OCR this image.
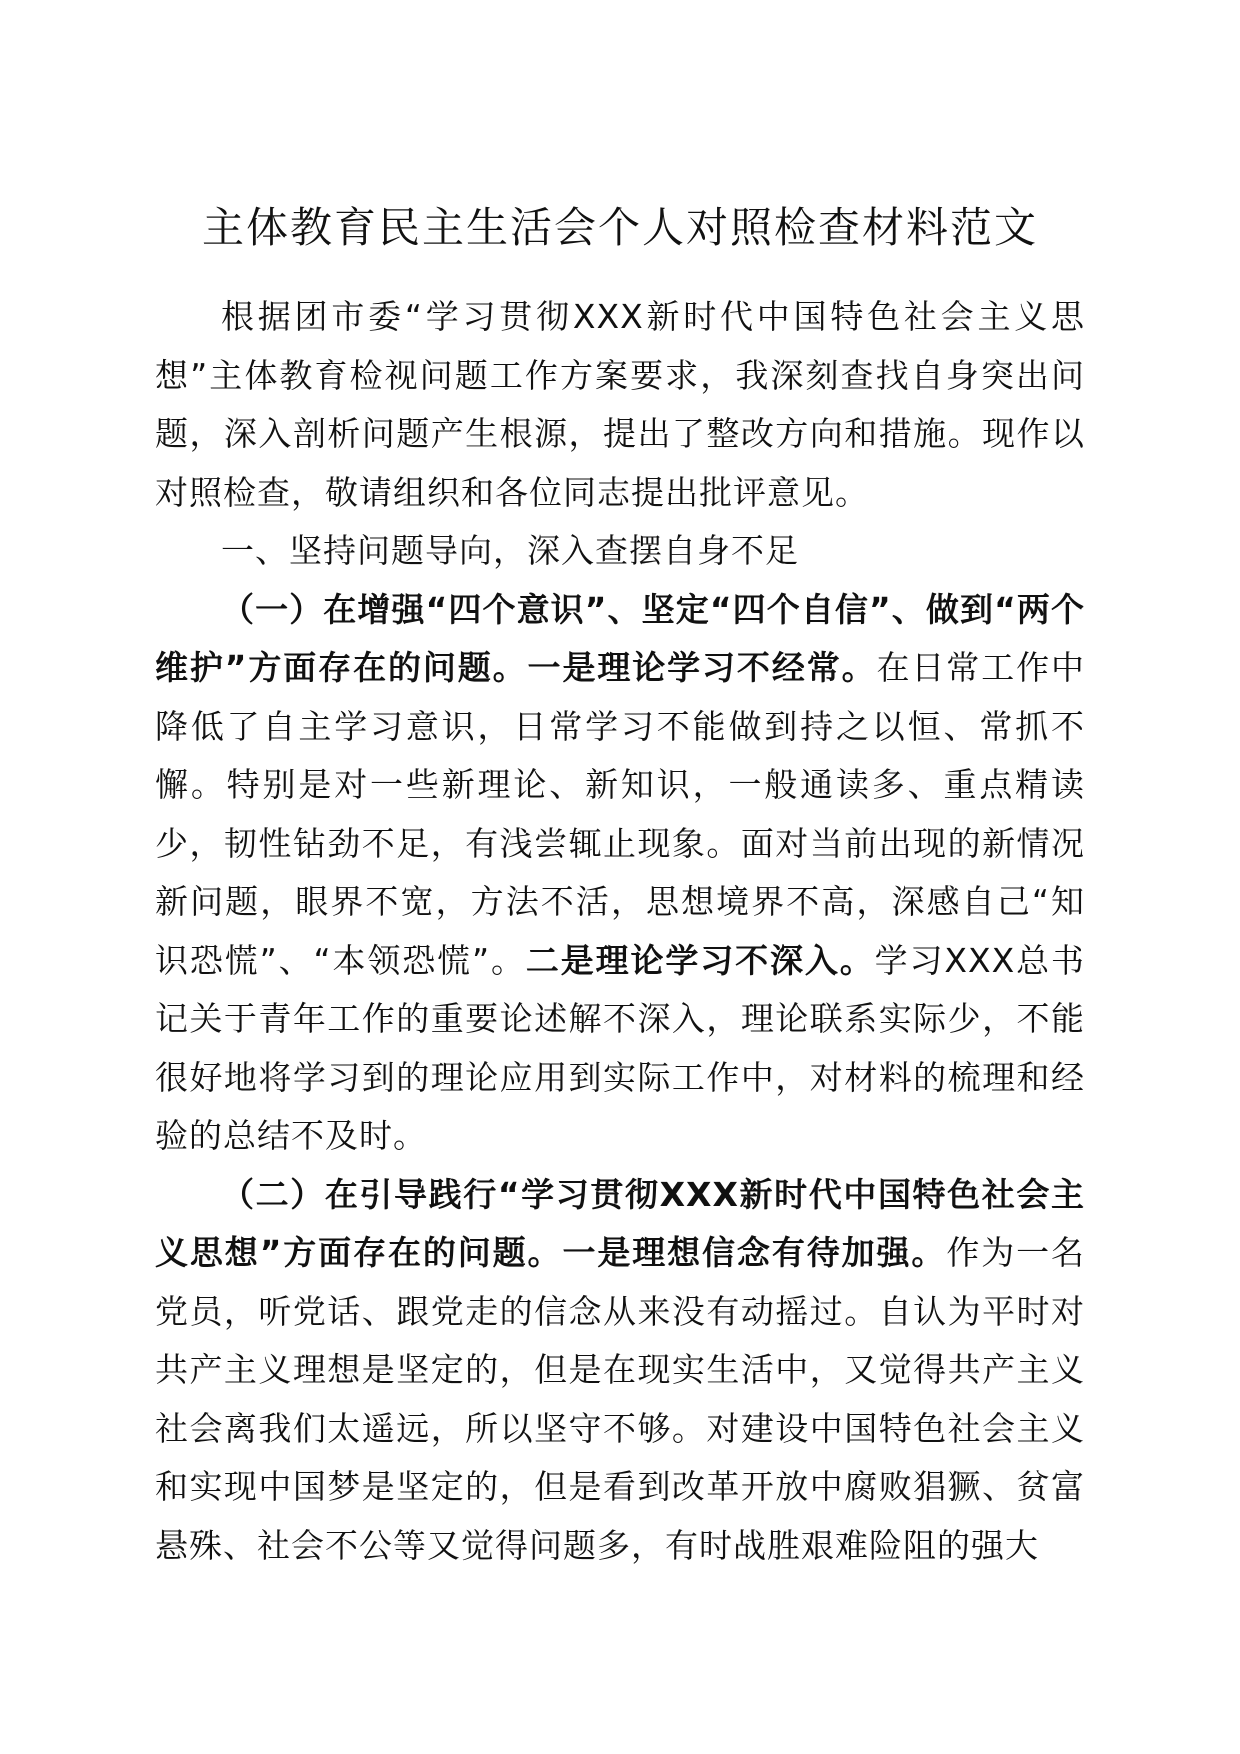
主体教育民主生活会个人对照检查材料范文

根据团市委“学习贯彻XXX新时代中国特色社会主义思想”主体教育检视问题工作方案要求，我深刻查找自身突出问题，深入剖析问题产生根源，提出了整改方向和措施。现作以对照检查，敬请组织和各位同志提出批评意见。

一、坚持问题导向，深入查摆自身不足

（一）在增强“四个意识”、坚定“四个自信”、做到“两个维护”方面存在的问题。一是理论学习不经常。在日常工作中降低了自主学习意识，日常学习不能做到持之以恒、常抓不懈。特别是对一些新理论、新知识，一般通读多、重点精读少，韧性钻劲不足，有浅尝辄止现象。面对当前出现的新情况新问题，眼界不宽，方法不活，思想境界不高，深感自己“知识恐慌”、“本领恐慌”。二是理论学习不深入。学习XXX总书记关于青年工作的重要论述解不深入，理论联系实际少，不能很好地将学习到的理论应用到实际工作中，对材料的梳理和经验的总结不及时。

（二）在引导践行“学习贯彻XXX新时代中国特色社会主义思想”方面存在的问题。一是理想信念有待加强。作为一名党员，听党话、跟党走的信念从来没有动摇过。自认为平时对共产主义理想是坚定的，但是在现实生活中，又觉得共产主义社会离我们太遥远，所以坚守不够。对建设中国特色社会主义和实现中国梦是坚定的，但是看到改革开放中腐败猖獗、贫富悬殊、社会不公等又觉得问题多，有时战胜艰难险阻的强大
